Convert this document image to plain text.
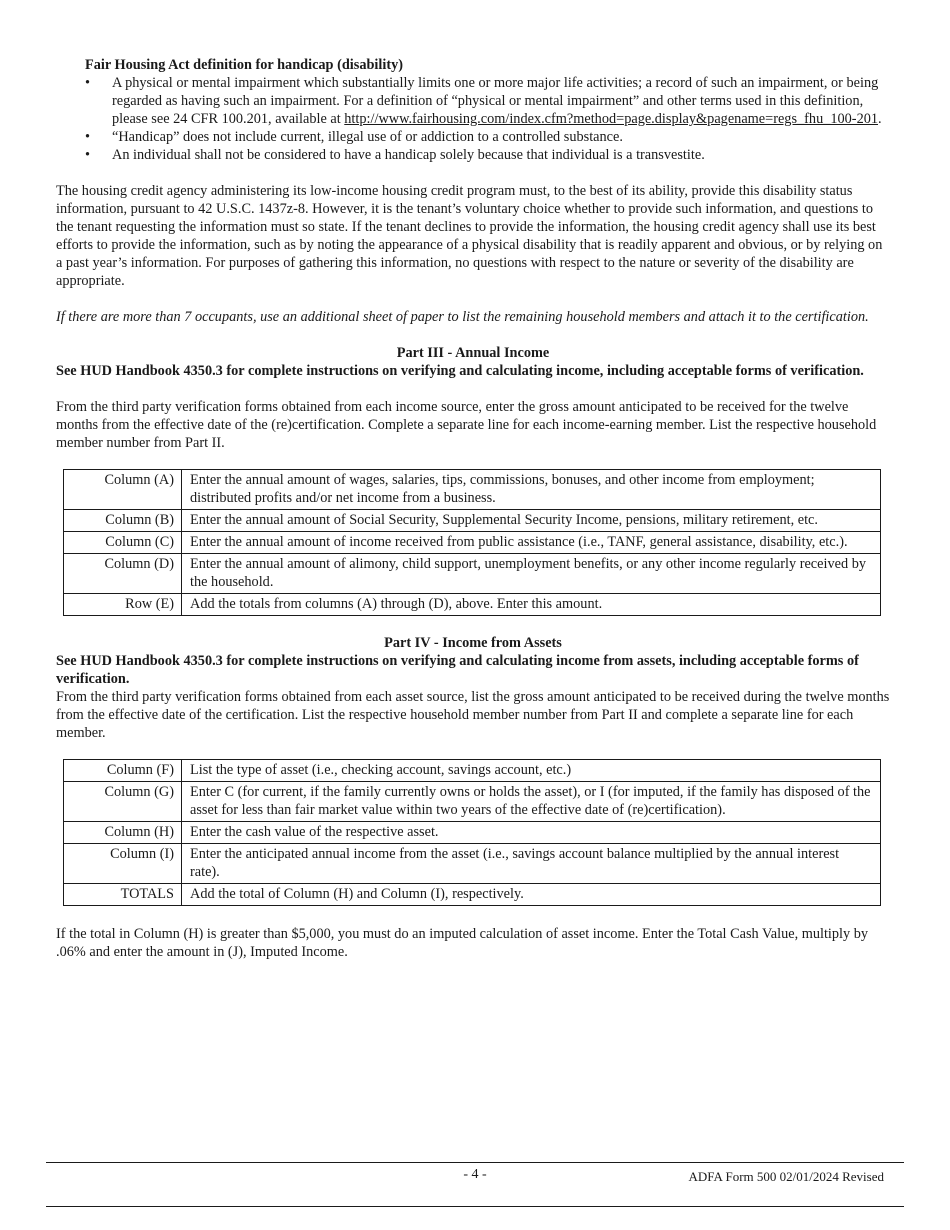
Fair Housing Act definition for handicap (disability)
• A physical or mental impairment which substantially limits one or more major life activities; a record of such an impairment, or being regarded as having such an impairment. For a definition of “physical or mental impairment” and other terms used in this definition, please see 24 CFR 100.201, available at http://www.fairhousing.com/index.cfm?method=page.display&pagename=regs_fhu_100-201.
• “Handicap” does not include current, illegal use of or addiction to a controlled substance.
• An individual shall not be considered to have a handicap solely because that individual is a transvestite.

The housing credit agency administering its low-income housing credit program must, to the best of its ability, provide this disability status information, pursuant to 42 U.S.C. 1437z-8. However, it is the tenant’s voluntary choice whether to provide such information, and questions to the tenant requesting the information must so state. If the tenant declines to provide the information, the housing credit agency shall use its best efforts to provide the information, such as by noting the appearance of a physical disability that is readily apparent and obvious, or by relying on a past year’s information. For purposes of gathering this information, no questions with respect to the nature or severity of the disability are appropriate.

If there are more than 7 occupants, use an additional sheet of paper to list the remaining household members and attach it to the certification.

Part III - Annual Income

See HUD Handbook 4350.3 for complete instructions on verifying and calculating income, including acceptable forms of verification.

From the third party verification forms obtained from each income source, enter the gross amount anticipated to be received for the twelve months from the effective date of the (re)certification. Complete a separate line for each income-earning member. List the respective household member number from Part II.

Column (A)	Enter the annual amount of wages, salaries, tips, commissions, bonuses, and other income from employment; distributed profits and/or net income from a business.
Column (B)	Enter the annual amount of Social Security, Supplemental Security Income, pensions, military retirement, etc.
Column (C)	Enter the annual amount of income received from public assistance (i.e., TANF, general assistance, disability, etc.).
Column (D)	Enter the annual amount of alimony, child support, unemployment benefits, or any other income regularly received by the household.
Row (E)	Add the totals from columns (A) through (D), above. Enter this amount.
Part IV - Income from Assets

See HUD Handbook 4350.3 for complete instructions on verifying and calculating income from assets, including acceptable forms of verification.

From the third party verification forms obtained from each asset source, list the gross amount anticipated to be received during the twelve months from the effective date of the certification. List the respective household member number from Part II and complete a separate line for each member.

Column (F)	List the type of asset (i.e., checking account, savings account, etc.)
Column (G)	Enter C (for current, if the family currently owns or holds the asset), or I (for imputed, if the family has disposed of the asset for less than fair market value within two years of the effective date of (re)certification).
Column (H)	Enter the cash value of the respective asset.
Column (I)	Enter the anticipated annual income from the asset (i.e., savings account balance multiplied by the annual interest rate).
TOTALS	Add the total of Column (H) and Column (I), respectively.

If the total in Column (H) is greater than $5,000, you must do an imputed calculation of asset income. Enter the Total Cash Value, multiply by .06% and enter the amount in (J), Imputed Income.

- 4 -	ADFA Form 500 02/01/2024 Revised
